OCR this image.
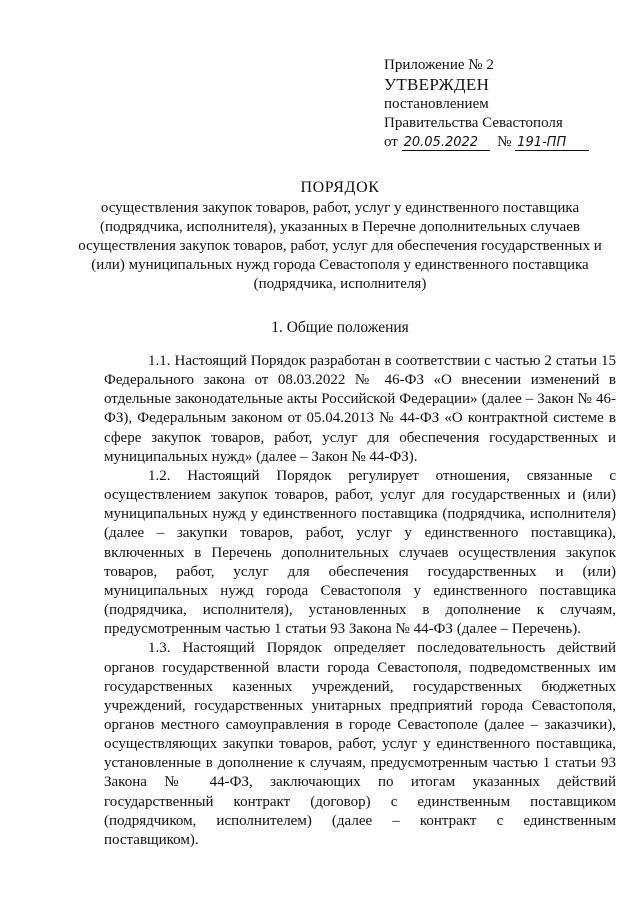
Приложение № 2
УТВЕРЖДЕН
постановлением
Правительства Севастополя
от 20.05.2022 № 191-ПП
ПОРЯДОК
осуществления закупок товаров, работ, услуг у единственного поставщика (подрядчика, исполнителя), указанных в Перечне дополнительных случаев осуществления закупок товаров, работ, услуг для обеспечения государственных и (или) муниципальных нужд города Севастополя у единственного поставщика (подрядчика, исполнителя)
1. Общие положения

1.1. Настоящий Порядок разработан в соответствии с частью 2 статьи 15 Федерального закона от 08.03.2022 № 46-ФЗ «О внесении изменений в отдельные законодательные акты Российской Федерации» (далее – Закон № 46-ФЗ), Федеральным законом от 05.04.2013 № 44-ФЗ «О контрактной системе в сфере закупок товаров, работ, услуг для обеспечения государственных и муниципальных нужд» (далее – Закон № 44-ФЗ).

1.2. Настоящий Порядок регулирует отношения, связанные с осуществлением закупок товаров, работ, услуг для государственных и (или) муниципальных нужд у единственного поставщика (подрядчика, исполнителя) (далее – закупки товаров, работ, услуг у единственного поставщика), включенных в Перечень дополнительных случаев осуществления закупок товаров, работ, услуг для обеспечения государственных и (или) муниципальных нужд города Севастополя у единственного поставщика (подрядчика, исполнителя), установленных в дополнение к случаям, предусмотренным частью 1 статьи 93 Закона № 44-ФЗ (далее – Перечень).

1.3. Настоящий Порядок определяет последовательность действий органов государственной власти города Севастополя, подведомственных им государственных казенных учреждений, государственных бюджетных учреждений, государственных унитарных предприятий города Севастополя, органов местного самоуправления в городе Севастополе (далее – заказчики), осуществляющих закупки товаров, работ, услуг у единственного поставщика, установленные в дополнение к случаям, предусмотренным частью 1 статьи 93 Закона № 44-ФЗ, заключающих по итогам указанных действий государственный контракт (договор) с единственным поставщиком (подрядчиком, исполнителем) (далее – контракт с единственным поставщиком).
